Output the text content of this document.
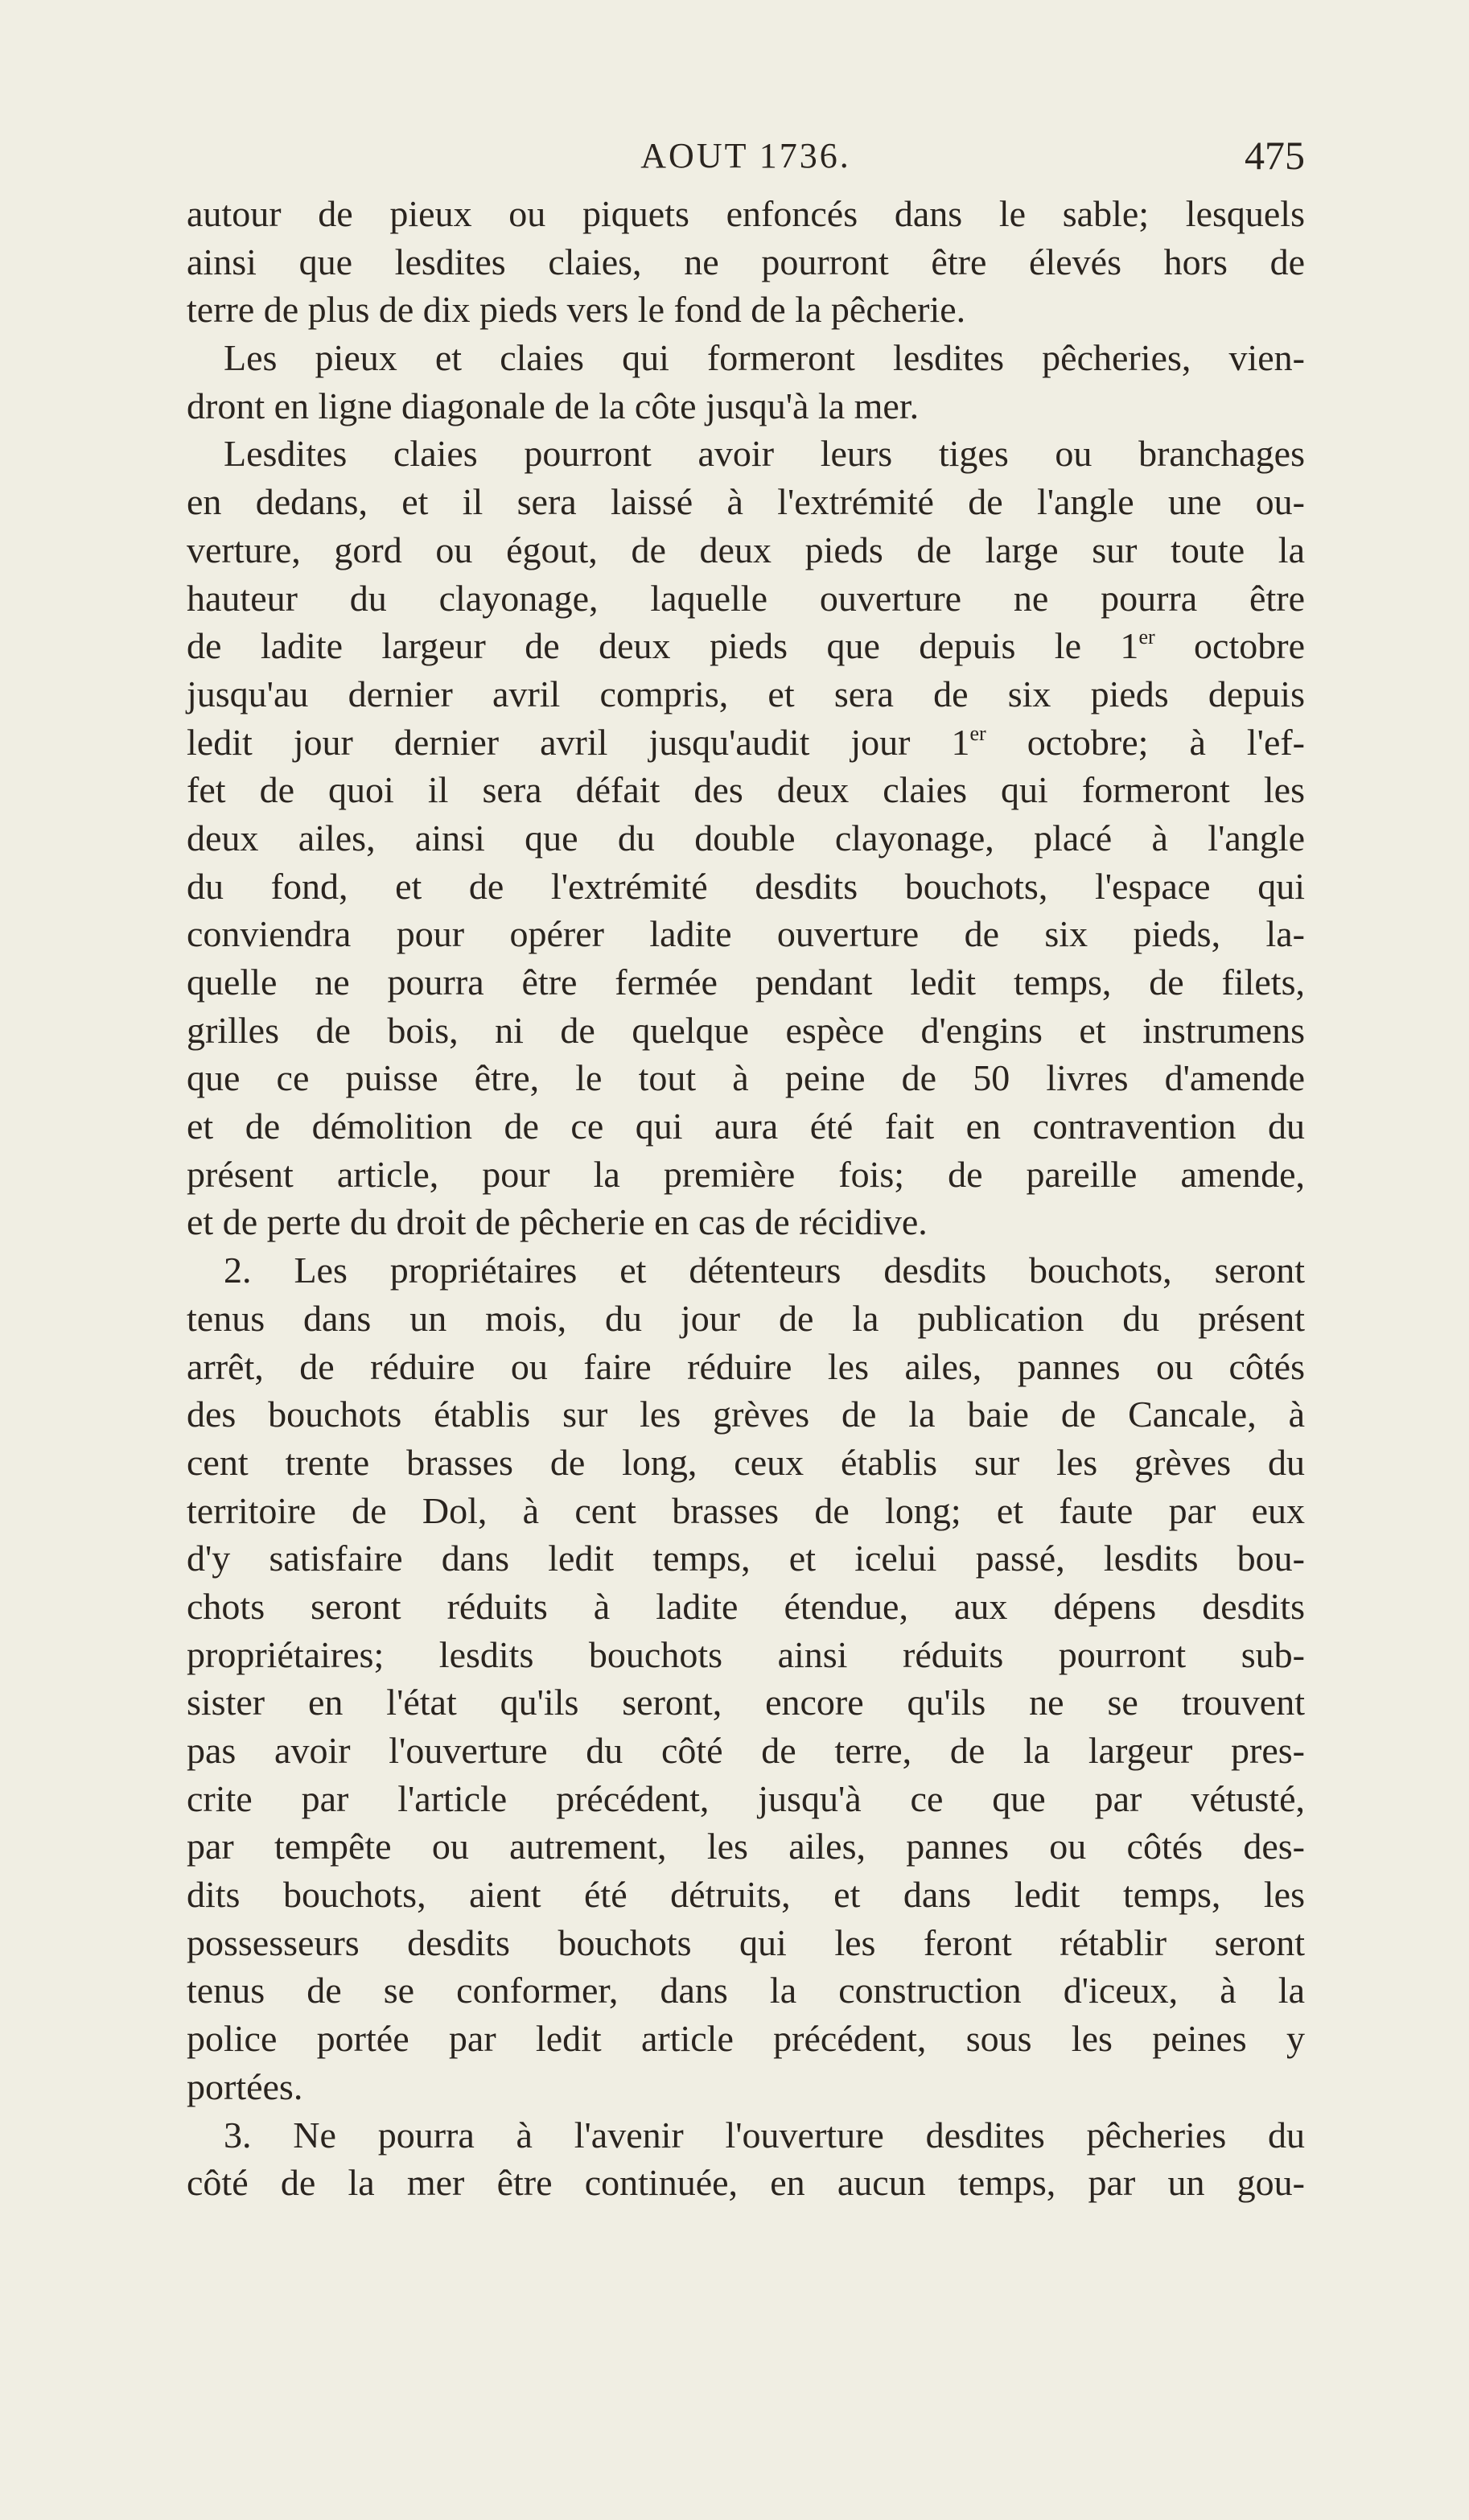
AOUT 1736.	475
autour de pieux ou piquets enfoncés dans le sable; lesquels
ainsi que lesdites claies, ne pourront être élevés hors de
terre de plus de dix pieds vers le fond de la pêcherie.
Les pieux et claies qui formeront lesdites pêcheries, vien-
dront en ligne diagonale de la côte jusqu'à la mer.
Lesdites claies pourront avoir leurs tiges ou branchages
en dedans, et il sera laissé à l'extrémité de l'angle une ou-
verture, gord ou égout, de deux pieds de large sur toute la
hauteur du clayonage, laquelle ouverture ne pourra être
de ladite largeur de deux pieds que depuis le 1er octobre
jusqu'au dernier avril compris, et sera de six pieds depuis
ledit jour dernier avril jusqu'audit jour 1er octobre; à l'ef-
fet de quoi il sera défait des deux claies qui formeront les
deux ailes, ainsi que du double clayonage, placé à l'angle
du fond, et de l'extrémité desdits bouchots, l'espace qui
conviendra pour opérer ladite ouverture de six pieds, la-
quelle ne pourra être fermée pendant ledit temps, de filets,
grilles de bois, ni de quelque espèce d'engins et instrumens
que ce puisse être, le tout à peine de 50 livres d'amende
et de démolition de ce qui aura été fait en contravention du
présent article, pour la première fois; de pareille amende,
et de perte du droit de pêcherie en cas de récidive.
2. Les propriétaires et détenteurs desdits bouchots, seront
tenus dans un mois, du jour de la publication du présent
arrêt, de réduire ou faire réduire les ailes, pannes ou côtés
des bouchots établis sur les grèves de la baie de Cancale, à
cent trente brasses de long, ceux établis sur les grèves du
territoire de Dol, à cent brasses de long; et faute par eux
d'y satisfaire dans ledit temps, et icelui passé, lesdits bou-
chots seront réduits à ladite étendue, aux dépens desdits
propriétaires; lesdits bouchots ainsi réduits pourront sub-
sister en l'état qu'ils seront, encore qu'ils ne se trouvent
pas avoir l'ouverture du côté de terre, de la largeur pres-
crite par l'article précédent, jusqu'à ce que par vétusté,
par tempête ou autrement, les ailes, pannes ou côtés des-
dits bouchots, aient été détruits, et dans ledit temps, les
possesseurs desdits bouchots qui les feront rétablir seront
tenus de se conformer, dans la construction d'iceux, à la
police portée par ledit article précédent, sous les peines y
portées.
3. Ne pourra à l'avenir l'ouverture desdites pêcheries du
côté de la mer être continuée, en aucun temps, par un gou-
